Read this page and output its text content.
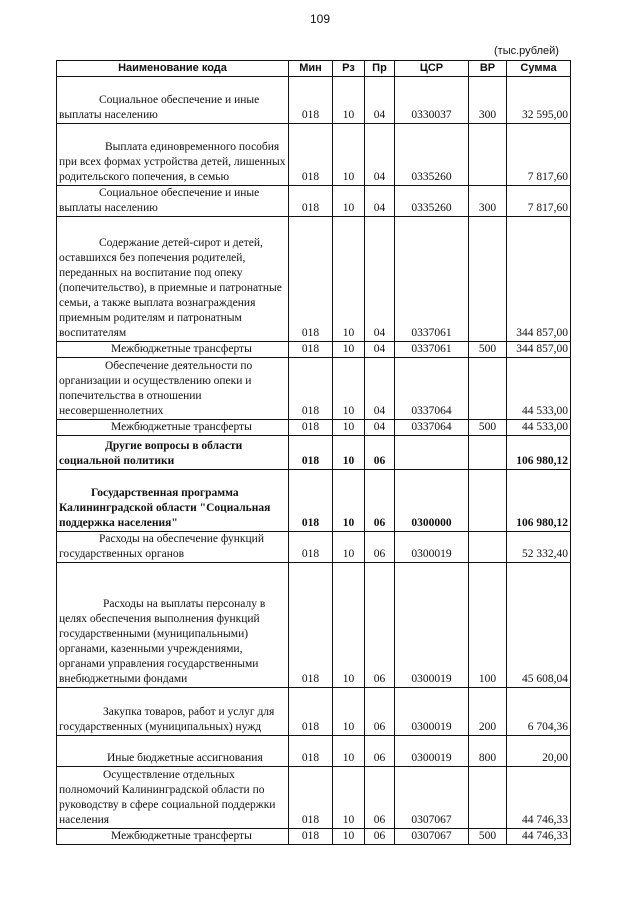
109
(тыс.рублей)
Наименование кода	Мин	Рз	Пр	ЦСР	ВР	Сумма
Социальное обеспечение и иные выплаты населению	018	10	04	0330037	300	32 595,00
Выплата единовременного пособия при всех формах устройства детей, лишенных родительского попечения, в семью	018	10	04	0335260		7 817,60
Социальное обеспечение и иные выплаты населению	018	10	04	0335260	300	7 817,60
Содержание детей-сирот и детей, оставшихся без попечения родителей, переданных на воспитание под опеку (попечительство), в приемные и патронатные семьи, а также выплата вознаграждения приемным родителям и патронатным воспитателям	018	10	04	0337061		344 857,00
Межбюджетные трансферты	018	10	04	0337061	500	344 857,00
Обеспечение деятельности по организации и осуществлению опеки и попечительства в отношении несовершеннолетних	018	10	04	0337064		44 533,00
Межбюджетные трансферты	018	10	04	0337064	500	44 533,00
Другие вопросы в области социальной политики	018	10	06			106 980,12
Государственная программа Калининградской области "Социальная поддержка населения"	018	10	06	0300000		106 980,12
Расходы на обеспечение функций государственных органов	018	10	06	0300019		52 332,40
Расходы на выплаты персоналу в целях обеспечения выполнения функций государственными (муниципальными) органами, казенными учреждениями, органами управления государственными внебюджетными фондами	018	10	06	0300019	100	45 608,04
Закупка товаров, работ и услуг для государственных (муниципальных) нужд	018	10	06	0300019	200	6 704,36
Иные бюджетные ассигнования	018	10	06	0300019	800	20,00
Осуществление отдельных полномочий Калининградской области по руководству в сфере социальной поддержки населения	018	10	06	0307067		44 746,33
Межбюджетные трансферты	018	10	06	0307067	500	44 746,33
